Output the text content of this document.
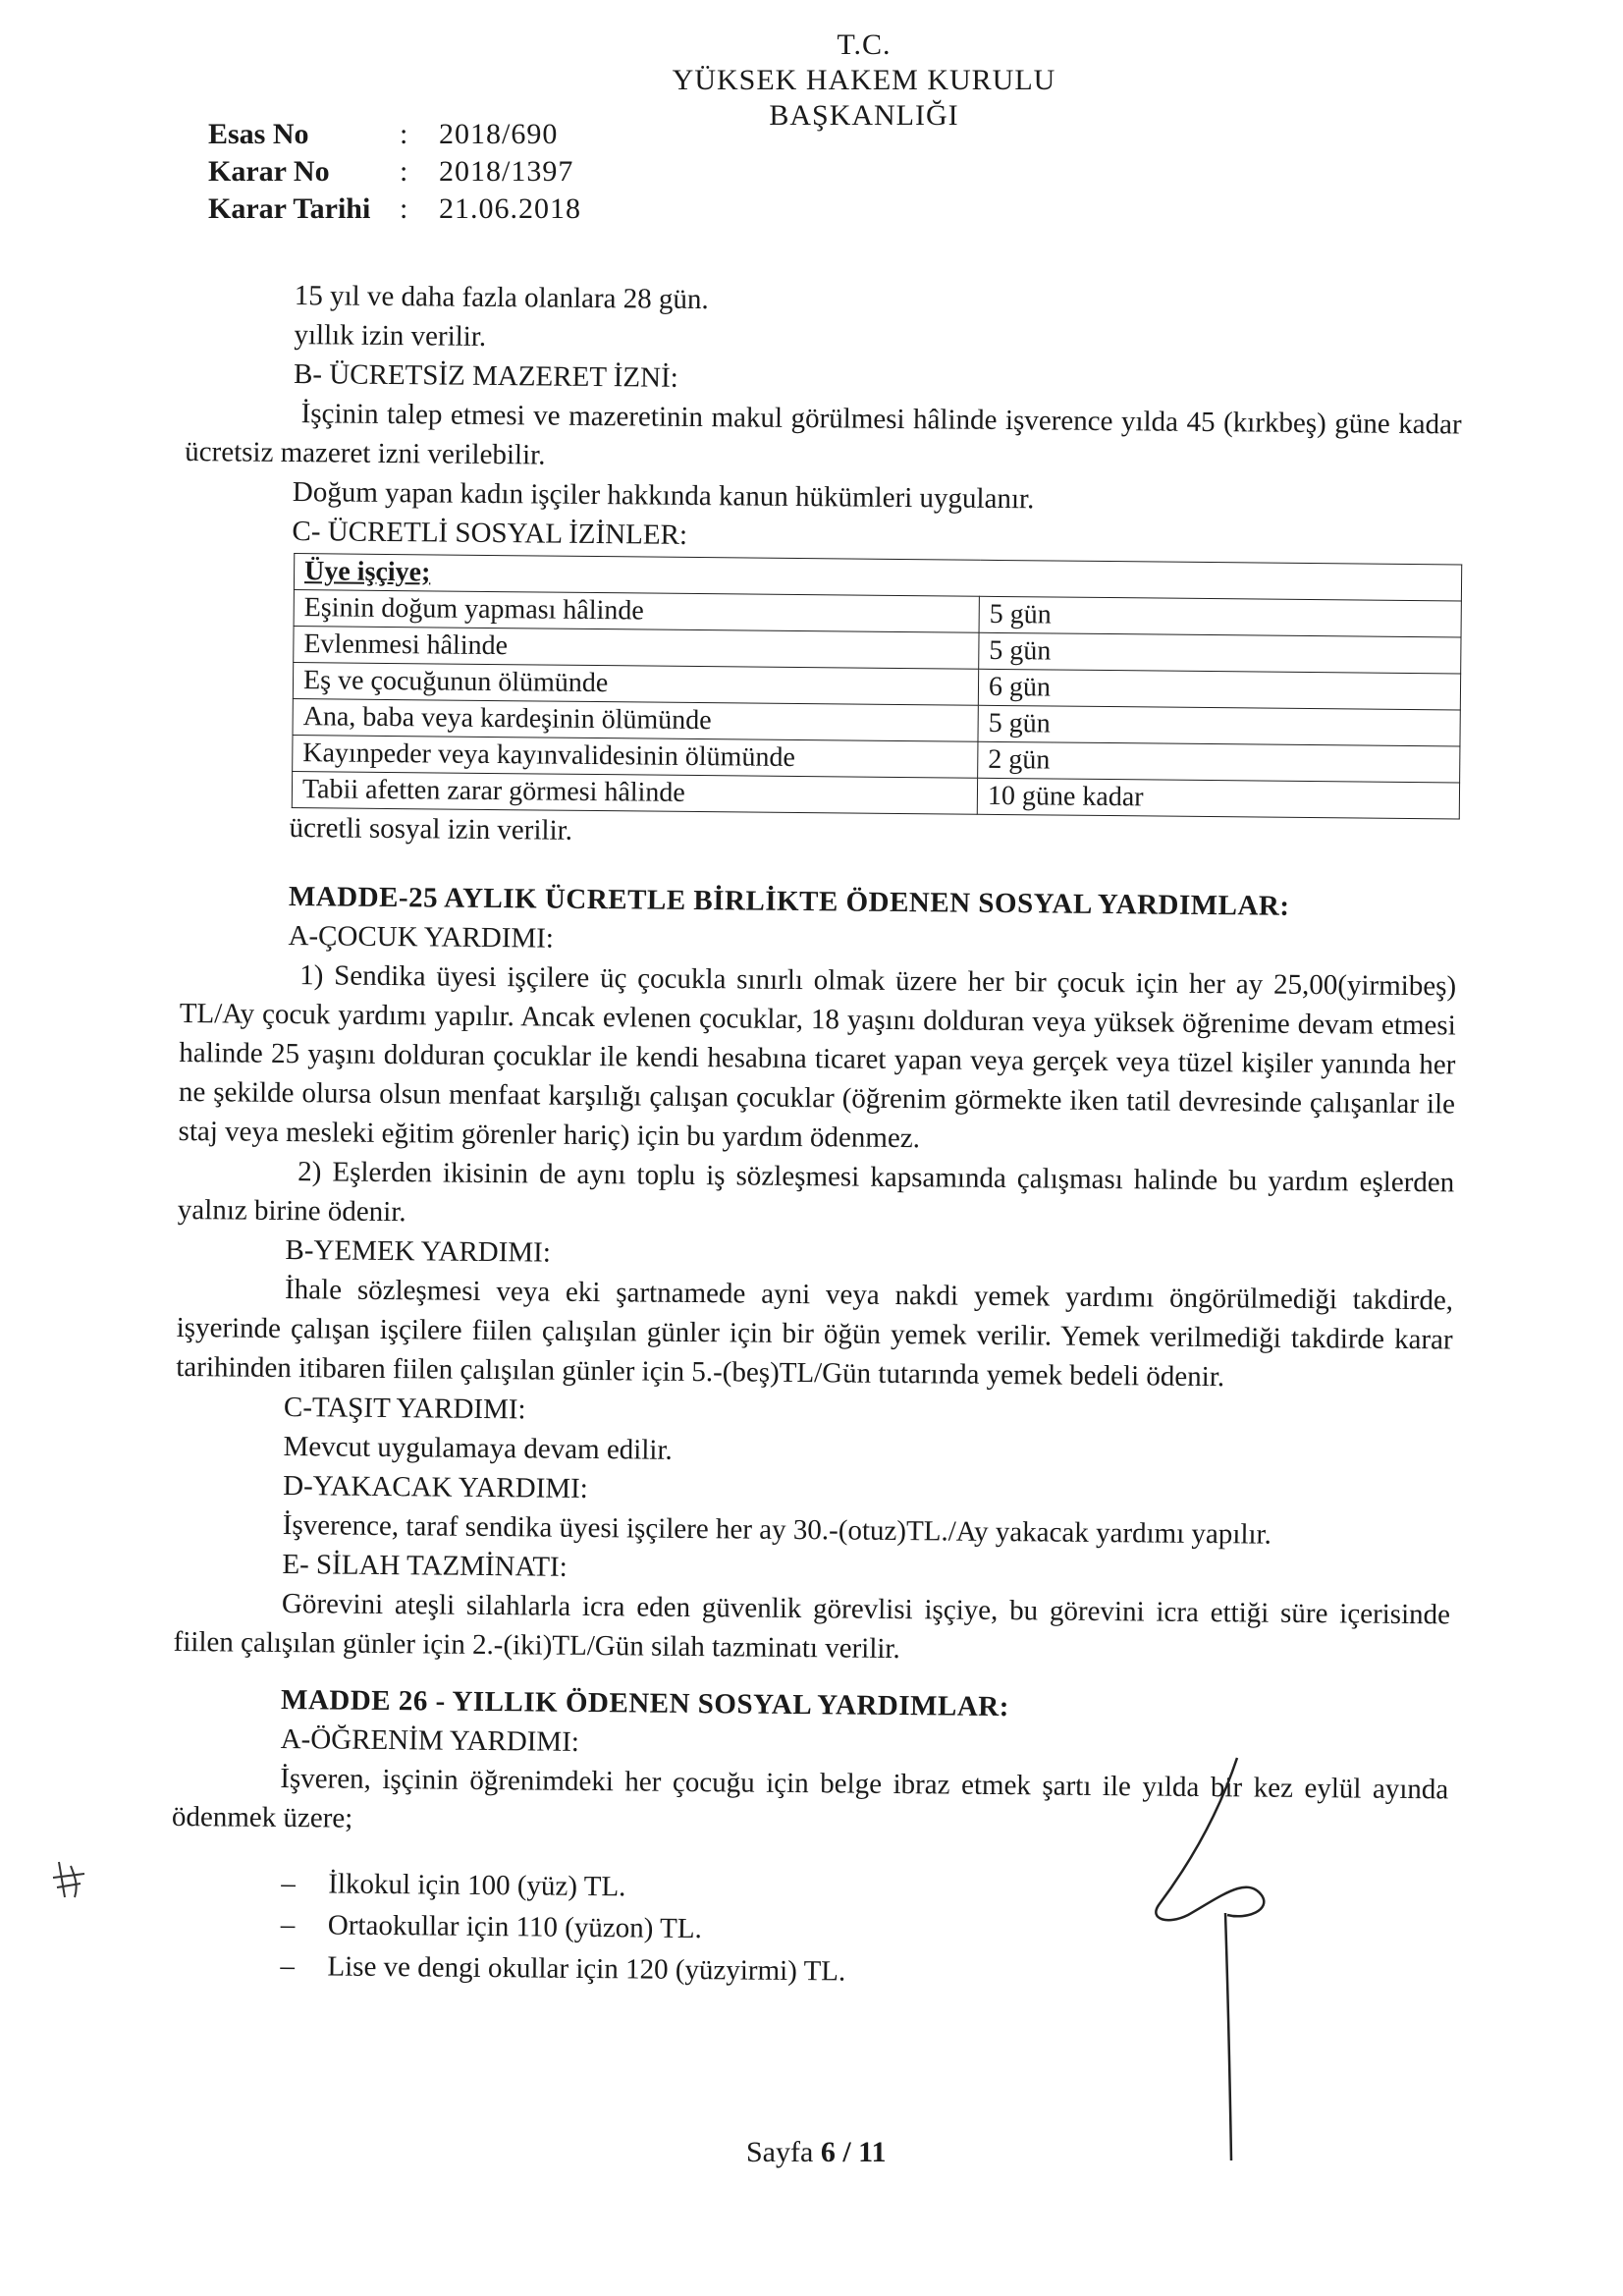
T.C.
YÜKSEK HAKEM KURULU
BAŞKANLIĞI
Esas No	:	2018/690
Karar No	:	2018/1397
Karar Tarihi :	21.06.2018

15 yıl ve daha fazla olanlara 28 gün.

yıllık izin verilir.

B- ÜCRETSİZ MAZERET İZNİ:

İşçinin talep etmesi ve mazeretinin makul görülmesi hâlinde işverence yılda 45 (kırkbeş) güne kadar ücretsiz mazeret izni verilebilir.

Doğum yapan kadın işçiler hakkında kanun hükümleri uygulanır.

C- ÜCRETLİ SOSYAL İZİNLER:

Üye işçiye;	
Eşinin doğum yapması hâlinde	5 gün
Evlenmesi hâlinde	5 gün
Eş ve çocuğunun ölümünde	6 gün
Ana, baba veya kardeşinin ölümünde	5 gün
Kayınpeder veya kayınvalidesinin ölümünde	2 gün
Tabii afetten zarar görmesi hâlinde	10 güne kadar

ücretli sosyal izin verilir.

MADDE-25 AYLIK ÜCRETLE BİRLİKTE ÖDENEN SOSYAL YARDIMLAR:

A-ÇOCUK YARDIMI:

1) Sendika üyesi işçilere üç çocukla sınırlı olmak üzere her bir çocuk için her ay 25,00(yirmibeş) TL/Ay çocuk yardımı yapılır. Ancak evlenen çocuklar, 18 yaşını dolduran veya yüksek öğrenime devam etmesi halinde 25 yaşını dolduran çocuklar ile kendi hesabına ticaret yapan veya gerçek veya tüzel kişiler yanında her ne şekilde olursa olsun menfaat karşılığı çalışan çocuklar (öğrenim görmekte iken tatil devresinde çalışanlar ile staj veya mesleki eğitim görenler hariç) için bu yardım ödenmez.

2) Eşlerden ikisinin de aynı toplu iş sözleşmesi kapsamında çalışması halinde bu yardım eşlerden yalnız birine ödenir.

B-YEMEK YARDIMI:

İhale sözleşmesi veya eki şartnamede ayni veya nakdi yemek yardımı öngörülmediği takdirde, işyerinde çalışan işçilere fiilen çalışılan günler için bir öğün yemek verilir. Yemek verilmediği takdirde karar tarihinden itibaren fiilen çalışılan günler için 5.-(beş)TL/Gün tutarında yemek bedeli ödenir.

C-TAŞIT YARDIMI:

Mevcut uygulamaya devam edilir.

D-YAKACAK YARDIMI:

İşverence, taraf sendika üyesi işçilere her ay 30.-(otuz)TL./Ay yakacak yardımı yapılır.

E- SİLAH TAZMİNATI:

Görevini ateşli silahlarla icra eden güvenlik görevlisi işçiye, bu görevini icra ettiği süre içerisinde fiilen çalışılan günler için 2.-(iki)TL/Gün silah tazminatı verilir.

MADDE 26 - YILLIK ÖDENEN SOSYAL YARDIMLAR:

A-ÖĞRENİM YARDIMI:

İşveren, işçinin öğrenimdeki her çocuğu için belge ibraz etmek şartı ile yılda bir kez eylül ayında ödenmek üzere;

–	İlkokul için 100 (yüz) TL.
–	Ortaokullar için 110 (yüzon) TL.
–	Lise ve dengi okullar için 120 (yüzyirmi) TL.
Sayfa 6 / 11
